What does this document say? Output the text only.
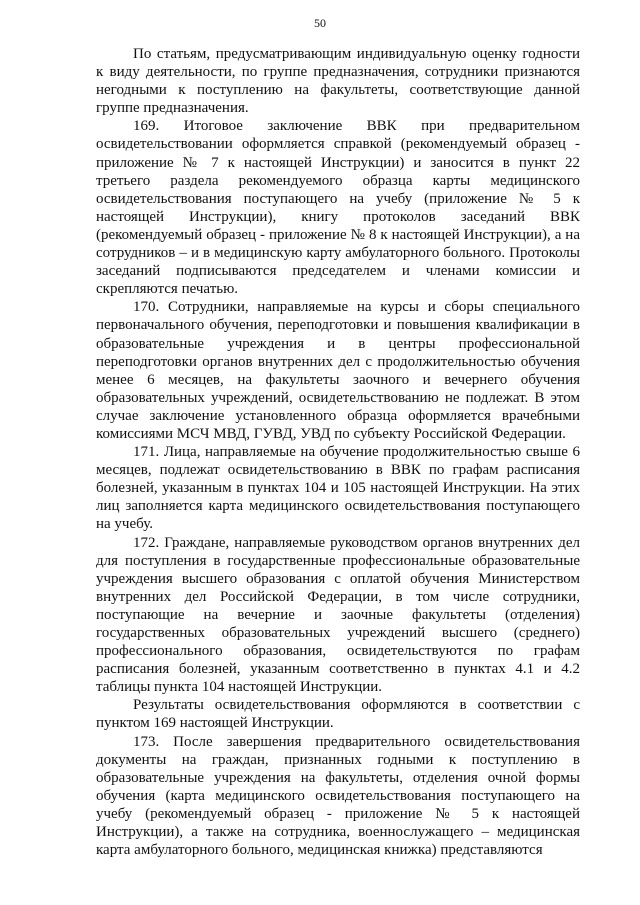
50

По статьям, предусматривающим индивидуальную оценку годности к виду деятельности, по группе предназначения, сотрудники признаются негодными к поступлению на факультеты, соответствующие данной группе предназначения.

169. Итоговое заключение ВВК при предварительном освидетельствовании оформляется справкой (рекомендуемый образец - приложение № 7 к настоящей Инструкции) и заносится в пункт 22 третьего раздела рекомендуемого образца карты медицинского освидетельствования поступающего на учебу (приложение № 5 к настоящей Инструкции), книгу протоколов заседаний ВВК (рекомендуемый образец - приложение № 8 к настоящей Инструкции), а на сотрудников – и в медицинскую карту амбулаторного больного. Протоколы заседаний подписываются председателем и членами комиссии и скрепляются печатью.

170. Сотрудники, направляемые на курсы и сборы специального первоначального обучения, переподготовки и повышения квалификации в образовательные учреждения и в центры профессиональной переподготовки органов внутренних дел с продолжительностью обучения менее 6 месяцев, на факультеты заочного и вечернего обучения образовательных учреждений, освидетельствованию не подлежат. В этом случае заключение установленного образца оформляется врачебными комиссиями МСЧ МВД, ГУВД, УВД по субъекту Российской Федерации.

171. Лица, направляемые на обучение продолжительностью свыше 6 месяцев, подлежат освидетельствованию в ВВК по графам расписания болезней, указанным в пунктах 104 и 105 настоящей Инструкции. На этих лиц заполняется карта медицинского освидетельствования поступающего на учебу.

172. Граждане, направляемые руководством органов внутренних дел для поступления в государственные профессиональные образовательные учреждения высшего образования с оплатой обучения Министерством внутренних дел Российской Федерации, в том числе сотрудники, поступающие на вечерние и заочные факультеты (отделения) государственных образовательных учреждений высшего (среднего) профессионального образования, освидетельствуются по графам расписания болезней, указанным соответственно в пунктах 4.1 и 4.2 таблицы пункта 104 настоящей Инструкции.

Результаты освидетельствования оформляются в соответствии с пунктом 169 настоящей Инструкции.

173. После завершения предварительного освидетельствования документы на граждан, признанных годными к поступлению в образовательные учреждения на факультеты, отделения очной формы обучения (карта медицинского освидетельствования поступающего на учебу (рекомендуемый образец - приложение № 5 к настоящей Инструкции), а также на сотрудника, военнослужащего – медицинская карта амбулаторного больного, медицинская книжка) представляются
